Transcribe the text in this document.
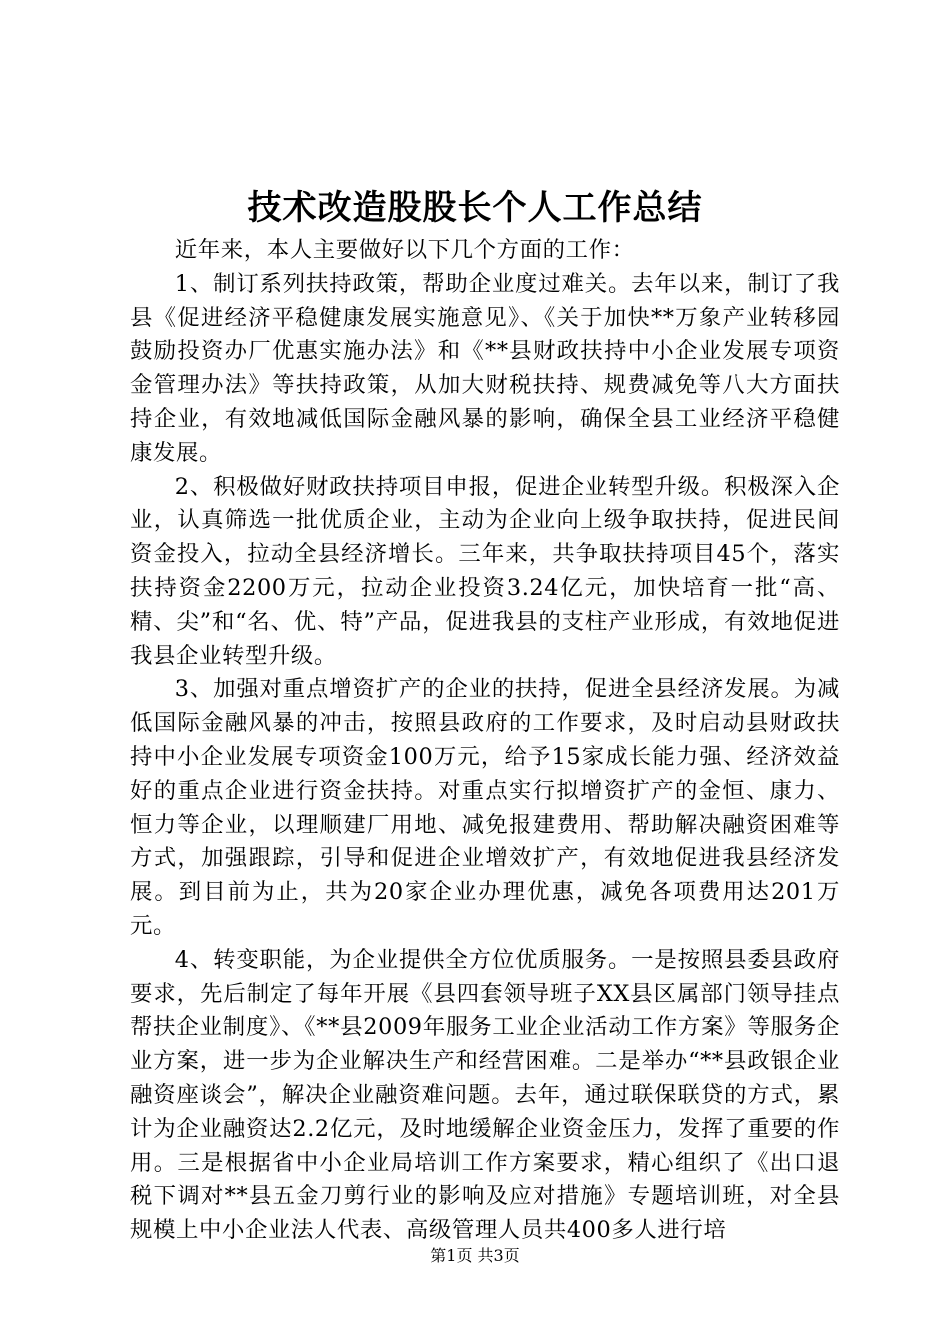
技术改造股股长个人工作总结

近年来，本人主要做好以下几个方面的工作：

1、制订系列扶持政策，帮助企业度过难关。去年以来，制订了我县《促进经济平稳健康发展实施意见》、《关于加快**万象产业转移园鼓励投资办厂优惠实施办法》和《**县财政扶持中小企业发展专项资金管理办法》等扶持政策，从加大财税扶持、规费减免等八大方面扶持企业，有效地减低国际金融风暴的影响，确保全县工业经济平稳健康发展。

2、积极做好财政扶持项目申报，促进企业转型升级。积极深入企业，认真筛选一批优质企业，主动为企业向上级争取扶持，促进民间资金投入，拉动全县经济增长。三年来，共争取扶持项目45个，落实扶持资金2200万元，拉动企业投资3.24亿元，加快培育一批“高、精、尖”和“名、优、特”产品，促进我县的支柱产业形成，有效地促进我县企业转型升级。

3、加强对重点增资扩产的企业的扶持，促进全县经济发展。为减低国际金融风暴的冲击，按照县政府的工作要求，及时启动县财政扶持中小企业发展专项资金100万元，给予15家成长能力强、经济效益好的重点企业进行资金扶持。对重点实行拟增资扩产的金恒、康力、恒力等企业，以理顺建厂用地、减免报建费用、帮助解决融资困难等方式，加强跟踪，引导和促进企业增效扩产，有效地促进我县经济发展。到目前为止，共为20家企业办理优惠，减免各项费用达201万元。

4、转变职能，为企业提供全方位优质服务。一是按照县委县政府要求，先后制定了每年开展《县四套领导班子XX县区属部门领导挂点帮扶企业制度》、《**县2009年服务工业企业活动工作方案》等服务企业方案，进一步为企业解决生产和经营困难。二是举办“**县政银企业融资座谈会”，解决企业融资难问题。去年，通过联保联贷的方式，累计为企业融资达2.2亿元，及时地缓解企业资金压力，发挥了重要的作用。三是根据省中小企业局培训工作方案要求，精心组织了《出口退税下调对**县五金刀剪行业的影响及应对措施》专题培训班，对全县规模上中小企业法人代表、高级管理人员共400多人进行培

第1页 共3页
